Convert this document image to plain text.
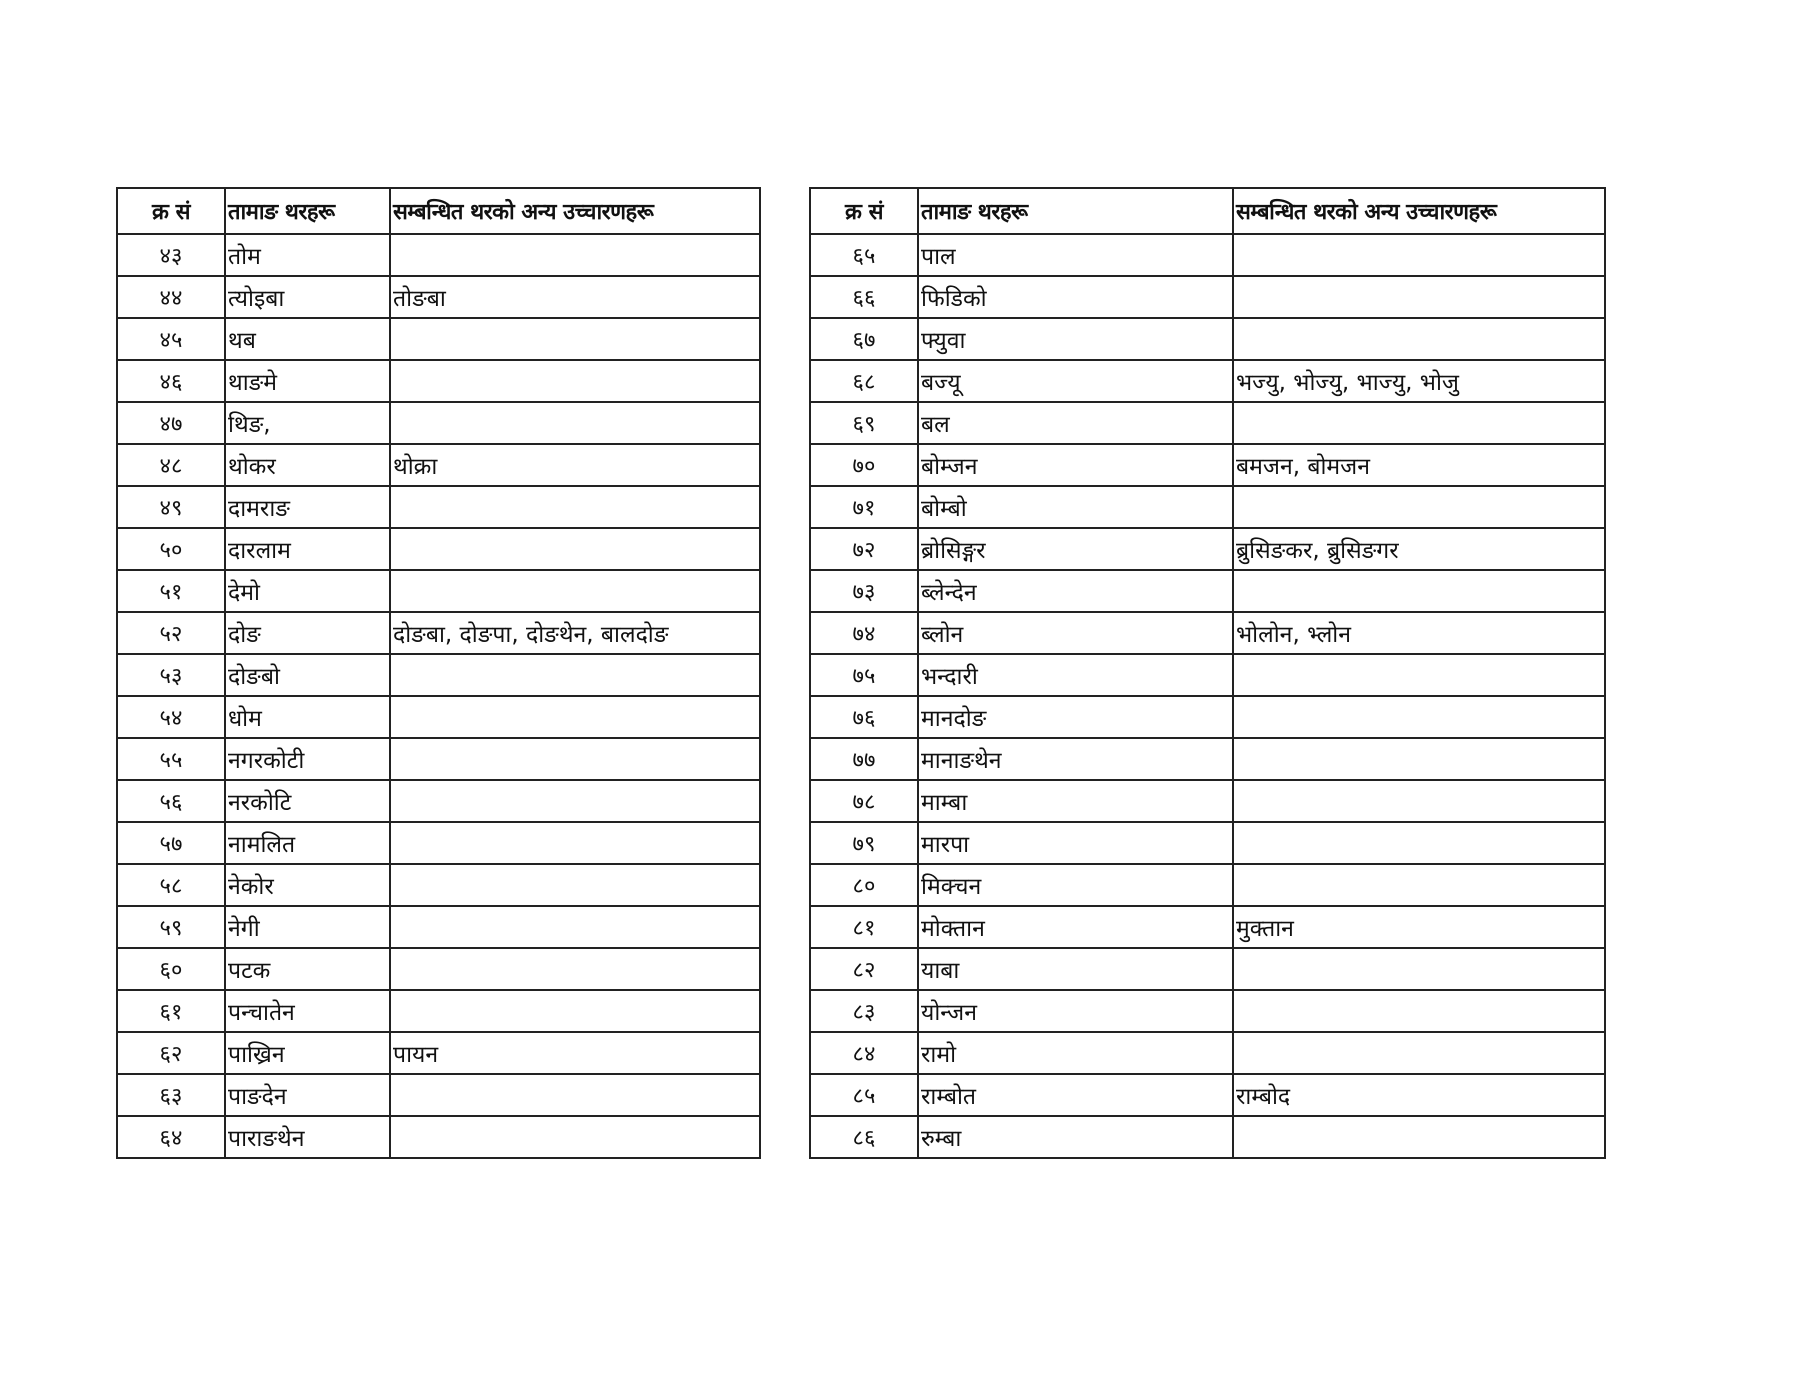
क्र सं	तामाङ थरहरू	सम्बन्धित थरको अन्य उच्चारणहरू
४३	तोम	
४४	त्योइबा	तोङबा
४५	थब	
४६	थाङमे	
४७	थिङ,	
४८	थोकर	थोक्रा
४९	दामराङ	
५०	दारलाम	
५१	देमो	
५२	दोङ	दोङबा, दोङपा, दोङथेन, बालदोङ
५३	दोङबो	
५४	धोम	
५५	नगरकोटी	
५६	नरकोटि	
५७	नामलित	
५८	नेकोर	
५९	नेगी	
६०	पटक	
६१	पन्चातेन	
६२	पाख्रिन	पायन
६३	पाङदेन	
६४	पाराङथेन	
क्र सं	तामाङ थरहरू	सम्बन्धित थरको अन्य उच्चारणहरू
६५	पाल	
६६	फिडिको	
६७	फ्युवा	
६८	बज्यू	भज्यु, भोज्यु, भाज्यु, भोजु
६९	बल	
७०	बोम्जन	बमजन, बोमजन
७१	बोम्बो	
७२	ब्रोसिङ्गर	ब्रुसिङकर, ब्रुसिङगर
७३	ब्लेन्देन	
७४	ब्लोन	भोलोन, भ्लोन
७५	भन्दारी	
७६	मानदोङ	
७७	मानाङथेन	
७८	माम्बा	
७९	मारपा	
८०	मिक्चन	
८१	मोक्तान	मुक्तान
८२	याबा	
८३	योन्जन	
८४	रामो	
८५	राम्बोत	राम्बोद
८६	रुम्बा	
